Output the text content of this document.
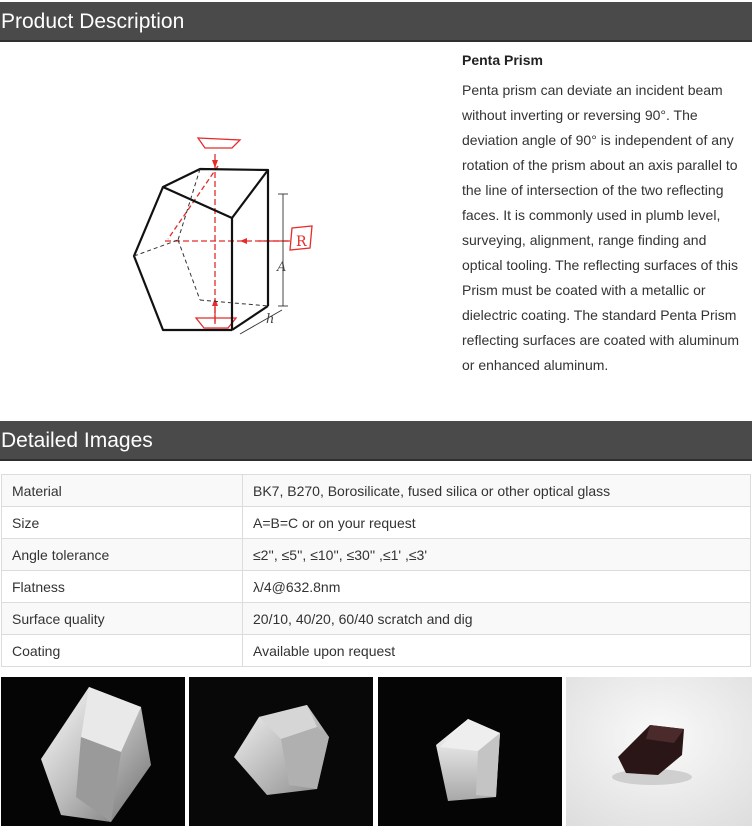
Product Description
A
h
R

Penta Prism

Penta prism can deviate an incident beam without inverting or reversing 90°. The deviation angle of 90° is independent of any rotation of the prism about an axis parallel to the line of intersection of the two reflecting faces. It is commonly used in plumb level,
surveying, alignment, range finding and optical tooling. The reflecting surfaces of this Prism must be coated with a metallic or dielectric coating. The standard Penta Prism reflecting surfaces are coated with aluminum or enhanced aluminum.

Detailed Images
Material	BK7, B270, Borosilicate, fused silica or other optical glass
Size	A=B=C or on your request
Angle tolerance	≤2'', ≤5'', ≤10'', ≤30'' ,≤1' ,≤3'
Flatness	λ/4@632.8nm
Surface quality	20/10, 40/20, 60/40 scratch and dig
Coating	Available upon request
